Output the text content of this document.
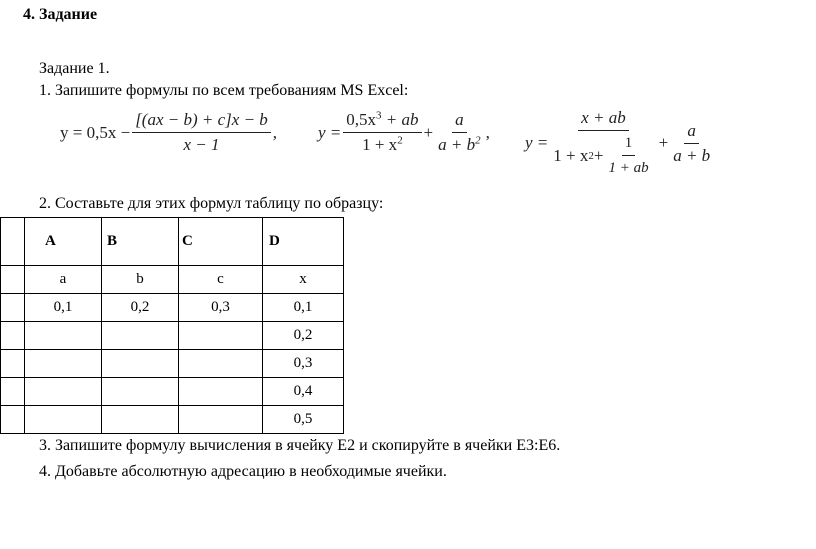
4. Задание
Задание 1.
1. Запишите формулы по всем требованиям MS Excel:
$y = 0,5x - \frac{[(ax - b) + c]x - b}{x - 1}$ , $y = \frac{0,5x^3 + ab}{1 + x^2} + \frac{a}{a + b^2}$ ,
$y = \frac{x + ab}{1 + x 2 + \frac{1}{1 + ab}} + \frac{a}{a + b}$
2. Составьте для этих формул таблицу по образцу:
	A	B	C	D
	a	b	c	x
	0,1	0,2	0,3	0,1
				0,2
				0,3
				0,4
				0,5
3. Запишите формулу вычисления в ячейку E2 и скопируйте в ячейки E3:E6.
4. Добавьте абсолютную адресацию в необходимые ячейки.
